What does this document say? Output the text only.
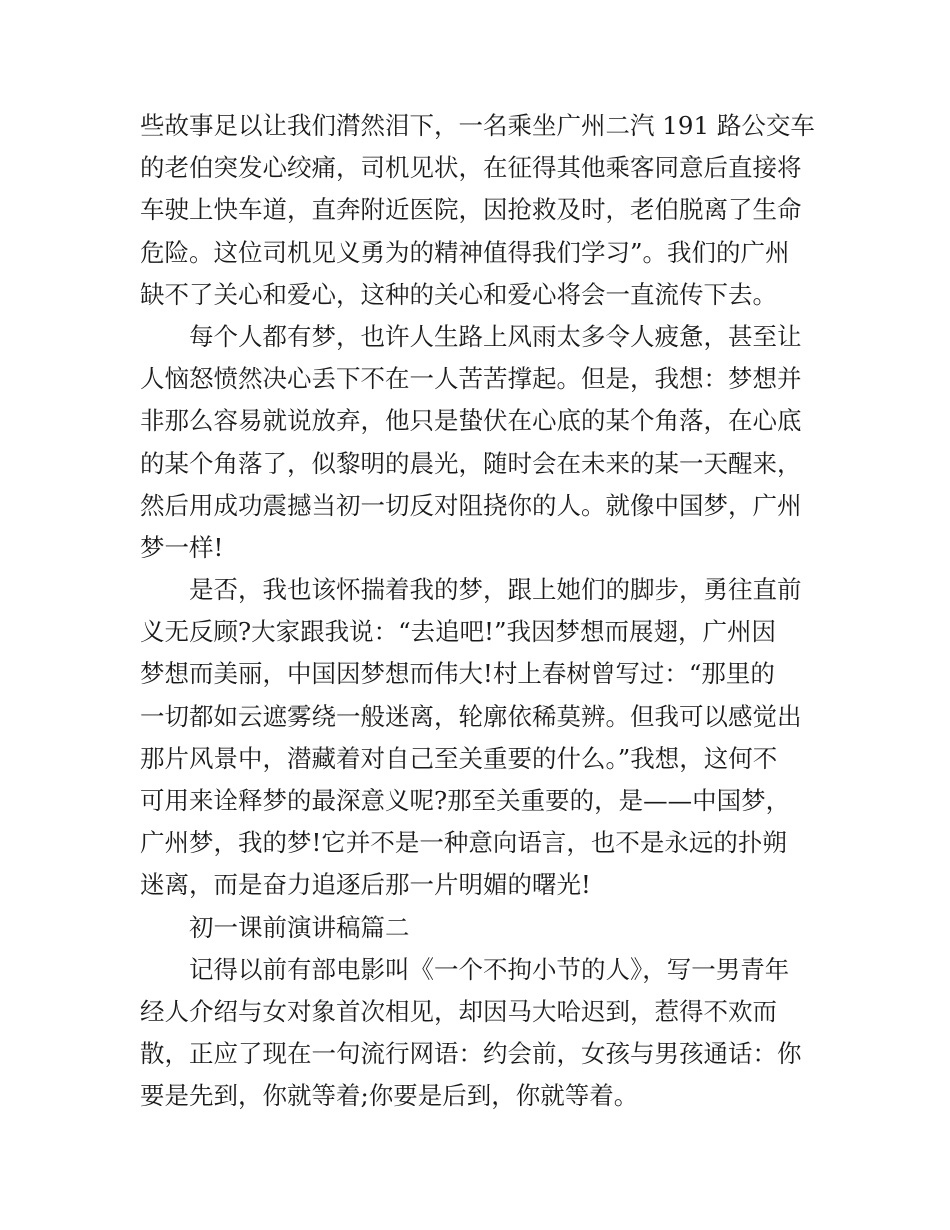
些故事足以让我们潸然泪下，一名乘坐广州二汽 191 路公交车
的老伯突发心绞痛，司机见状，在征得其他乘客同意后直接将
车驶上快车道，直奔附近医院，因抢救及时，老伯脱离了生命
危险。这位司机见义勇为的精神值得我们学习”。我们的广州
缺不了关心和爱心，这种的关心和爱心将会一直流传下去。
每个人都有梦，也许人生路上风雨太多令人疲惫，甚至让
人恼怒愤然决心丢下不在一人苦苦撑起。但是，我想：梦想并
非那么容易就说放弃，他只是蛰伏在心底的某个角落，在心底
的某个角落了，似黎明的晨光，随时会在未来的某一天醒来，
然后用成功震撼当初一切反对阻挠你的人。就像中国梦，广州
梦一样!
是否，我也该怀揣着我的梦，跟上她们的脚步，勇往直前
义无反顾?大家跟我说：“去追吧!”我因梦想而展翅，广州因
梦想而美丽，中国因梦想而伟大!村上春树曾写过：“那里的
一切都如云遮雾绕一般迷离，轮廓依稀莫辨。但我可以感觉出
那片风景中，潜藏着对自己至关重要的什么。”我想，这何不
可用来诠释梦的最深意义呢?那至关重要的，是——中国梦，
广州梦，我的梦!它并不是一种意向语言，也不是永远的扑朔
迷离，而是奋力追逐后那一片明媚的曙光!
初一课前演讲稿篇二
记得以前有部电影叫《一个不拘小节的人》，写一男青年
经人介绍与女对象首次相见，却因马大哈迟到，惹得不欢而
散，正应了现在一句流行网语：约会前，女孩与男孩通话：你
要是先到，你就等着;你要是后到，你就等着。
